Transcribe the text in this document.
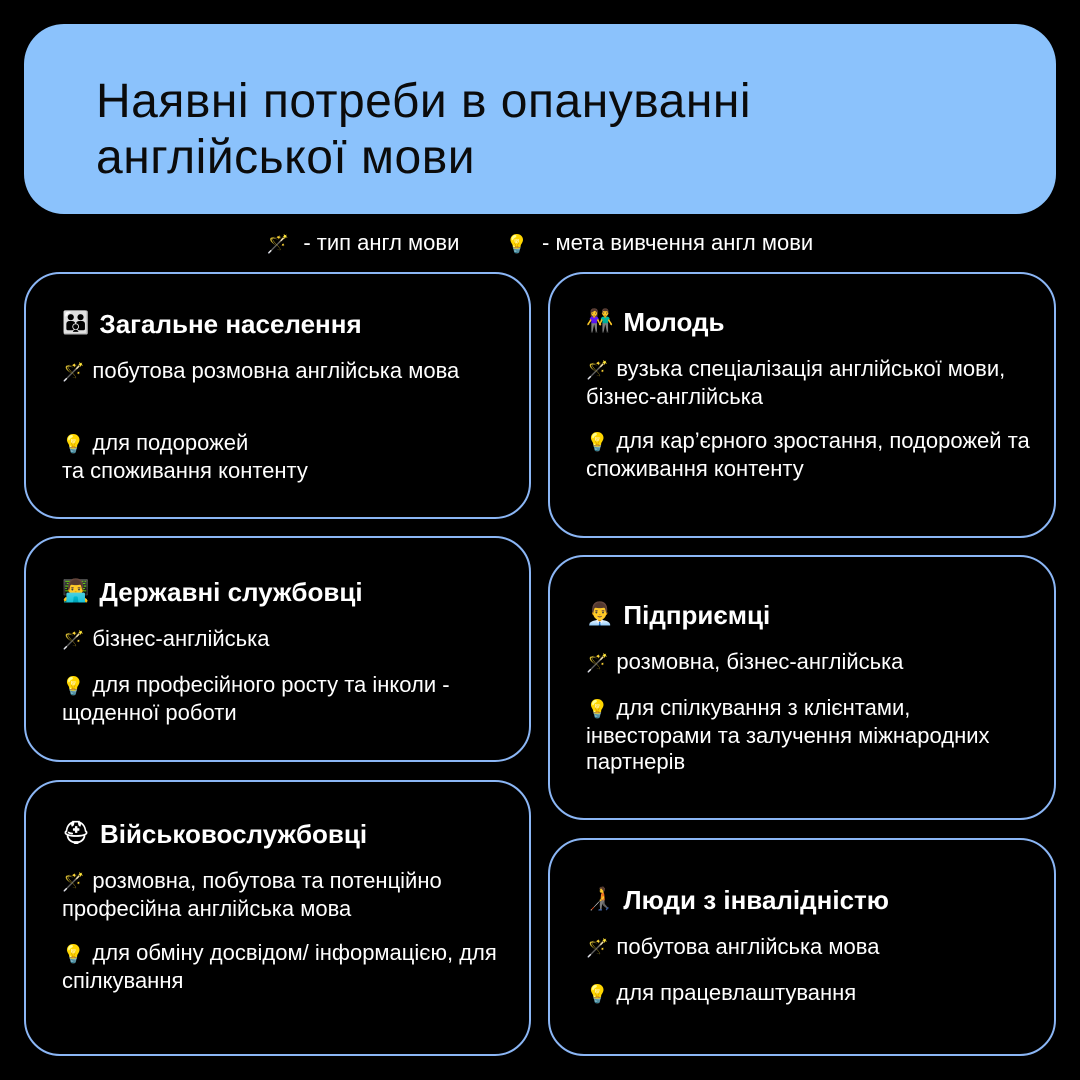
Наявні потреби в опануванні
англійської мови
🪄 - тип англ мови	💡 - мета вивчення англ мови
👪 Загальне населення
🪄 побутова розмовна англійська мова

💡 для подорожей
та споживання контенту

👨‍💻 Державні службовці
🪄 бізнес-англійська
💡 для професійного росту та інколи - щоденної роботи
⛑ Військовослужбовці
🪄 розмовна, побутова та потенційно професійна англійська мова
💡 для обміну досвідом/ інформацією, для спілкування
👫 Молодь
🪄 вузька спеціалізація англійської мови, бізнес-англійська
💡 для кар’єрного зростання, подорожей та споживання контенту
👨‍💼 Підприємці
🪄 розмовна, бізнес-англійська
💡 для спілкування з клієнтами, інвесторами та залучення міжнародних партнерів
🧑‍🦯 Люди з інвалідністю
🪄 побутова англійська мова
💡 для працевлаштування
